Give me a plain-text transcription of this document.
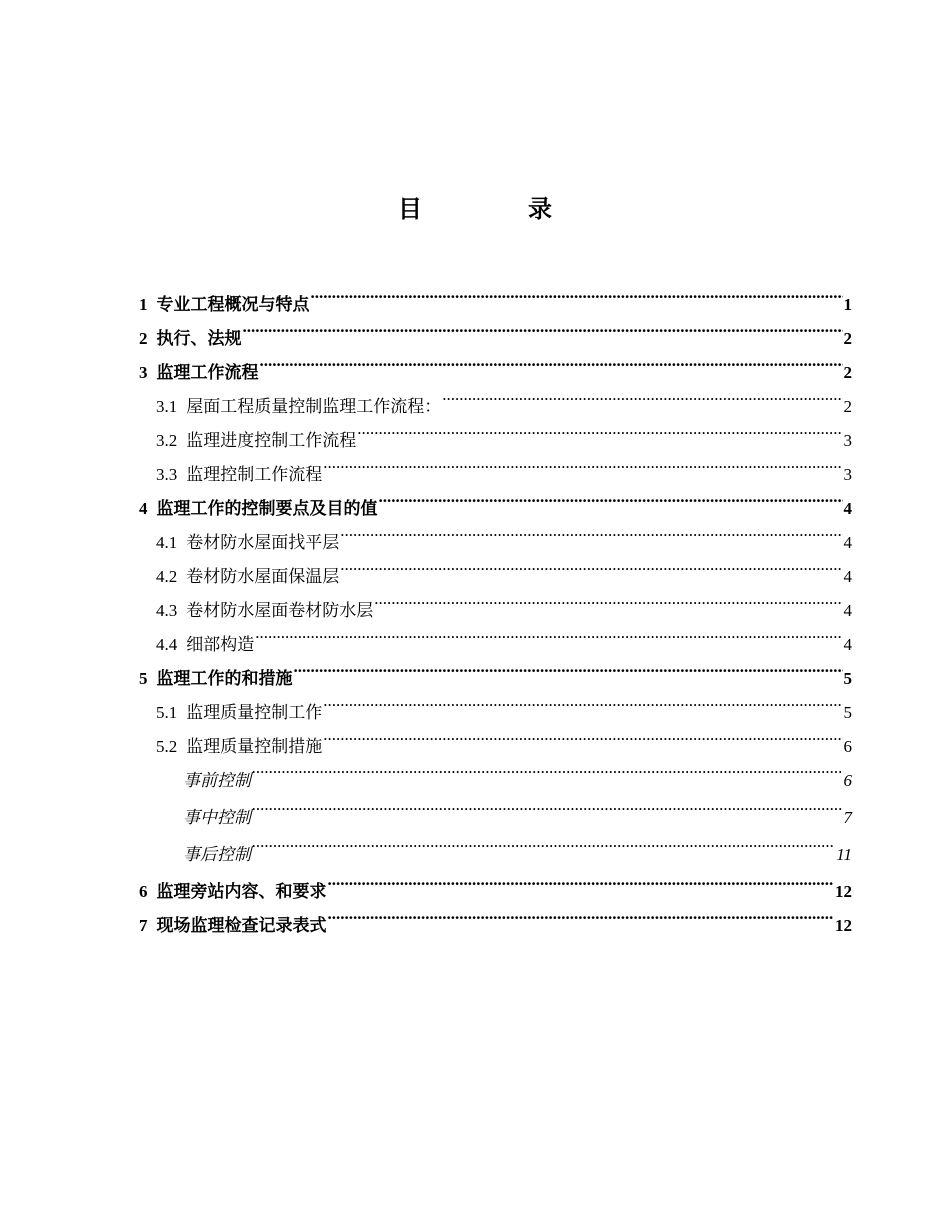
目 录
1 专业工程概况与特点 .....	1
2 执行、法规 .....	2
3 监理工作流程 .....	2
3.1 屋面工程质量控制监理工作流程： .....	2
3.2 监理进度控制工作流程 .....	3
3.3 监理控制工作流程 .....	3
4 监理工作的控制要点及目的值 .....	4
4.1 卷材防水屋面找平层 .....	4
4.2 卷材防水屋面保温层 .....	4
4.3 卷材防水屋面卷材防水层 .....	4
4.4 细部构造 .....	4
5 监理工作的和措施 .....	5
5.1 监理质量控制工作 .....	5
5.2 监理质量控制措施 .....	6
事前控制 .....	6
事中控制 .....	7
事后控制 .....	11
6 监理旁站内容、和要求 .....	12
7 现场监理检查记录表式 .....	12
